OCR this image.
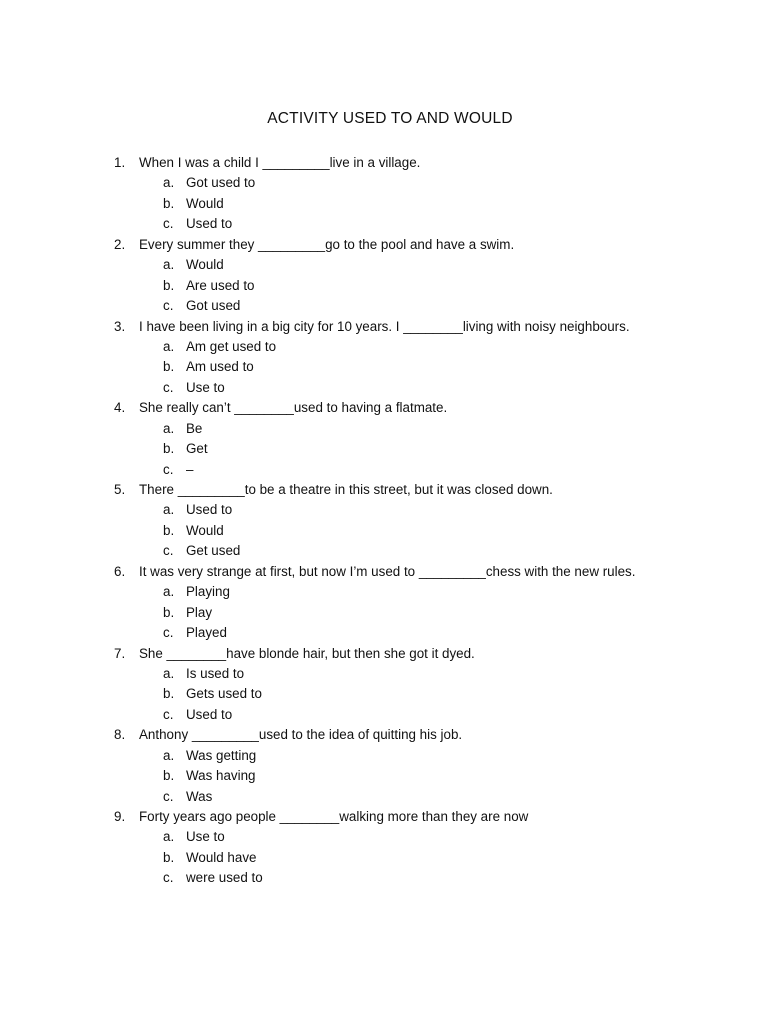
ACTIVITY USED TO AND WOULD
1. When I was a child I _________live in a village.
a. Got used to
b. Would
c. Used to
2. Every summer they _________go to the pool and have a swim.
a. Would
b. Are used to
c. Got used
3. I have been living in a big city for 10 years. I ________living with noisy neighbours.
a. Am get used to
b. Am used to
c. Use to
4. She really can’t ________used to having a flatmate.
a. Be
b. Get
c. –
5. There _________to be a theatre in this street, but it was closed down.
a. Used to
b. Would
c. Get used
6. It was very strange at first, but now I’m used to _________chess with the new rules.
a. Playing
b. Play
c. Played
7. She ________have blonde hair, but then she got it dyed.
a. Is used to
b. Gets used to
c. Used to
8. Anthony _________used to the idea of quitting his job.
a. Was getting
b. Was having
c. Was
9. Forty years ago people ________walking more than they are now
a. Use to
b. Would have
c. were used to
